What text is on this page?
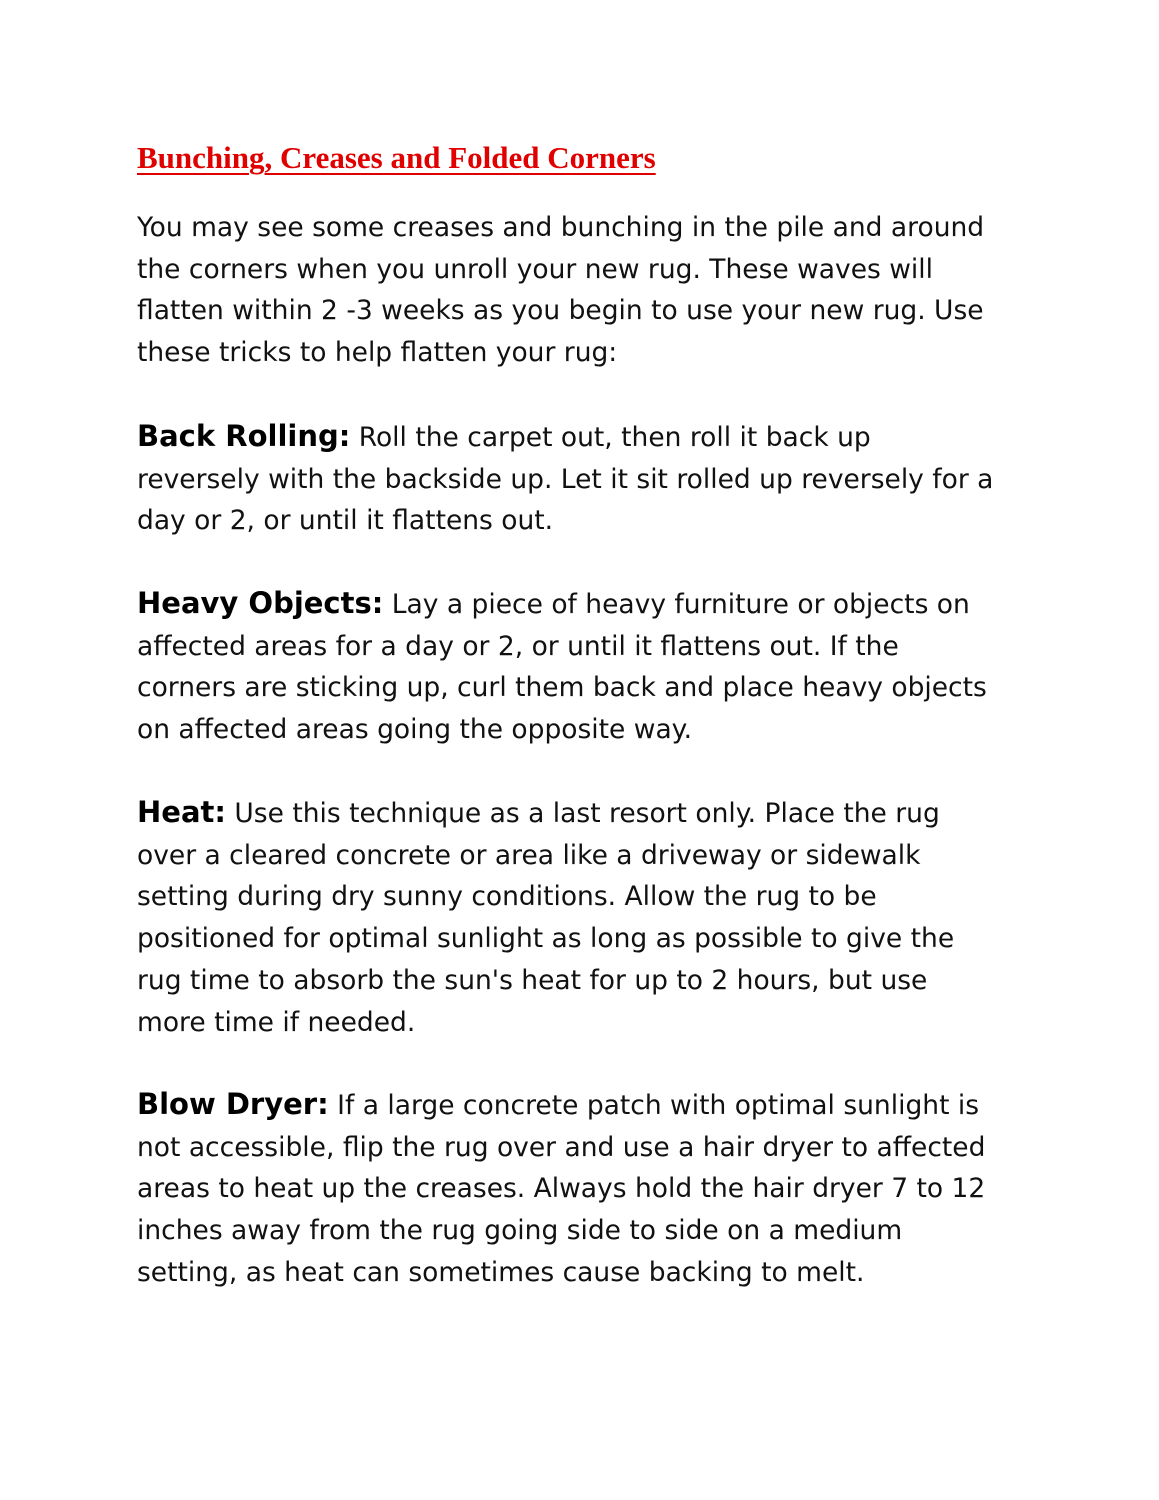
Bunching, Creases and Folded Corners

You may see some creases and bunching in the pile and around
the corners when you unroll your new rug. These waves will
flatten within 2 -3 weeks as you begin to use your new rug. Use
these tricks to help flatten your rug:

Back Rolling: Roll the carpet out, then roll it back up
reversely with the backside up. Let it sit rolled up reversely for a
day or 2, or until it flattens out.

Heavy Objects: Lay a piece of heavy furniture or objects on
affected areas for a day or 2, or until it flattens out. If the
corners are sticking up, curl them back and place heavy objects
on affected areas going the opposite way.

Heat: Use this technique as a last resort only. Place the rug
over a cleared concrete or area like a driveway or sidewalk
setting during dry sunny conditions. Allow the rug to be
positioned for optimal sunlight as long as possible to give the
rug time to absorb the sun's heat for up to 2 hours, but use
more time if needed.

Blow Dryer: If a large concrete patch with optimal sunlight is
not accessible, flip the rug over and use a hair dryer to affected
areas to heat up the creases. Always hold the hair dryer 7 to 12
inches away from the rug going side to side on a medium
setting, as heat can sometimes cause backing to melt.
